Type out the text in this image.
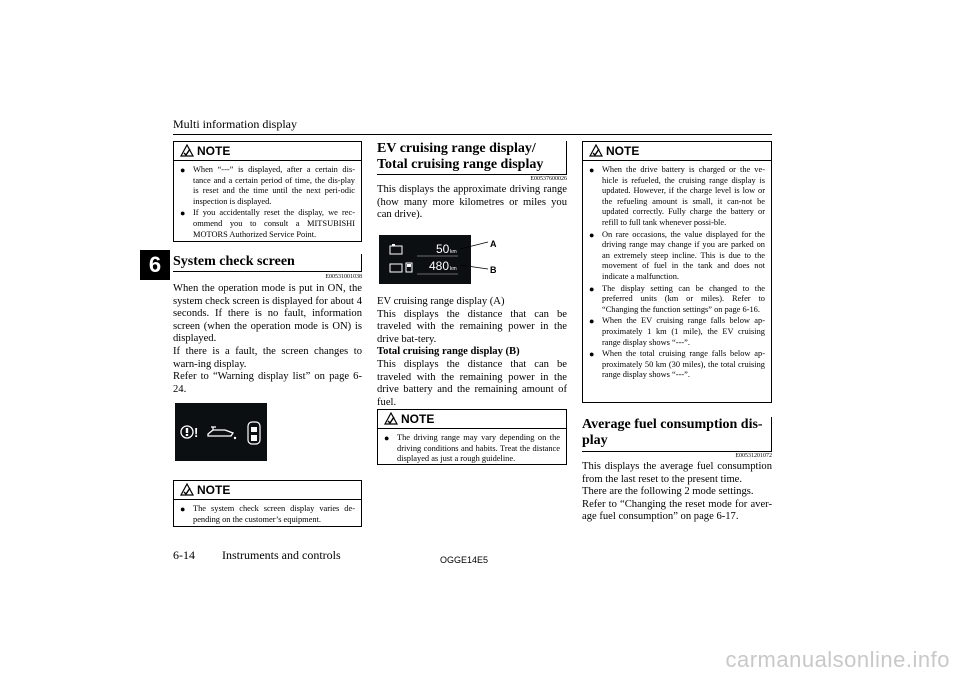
Multi information display
6
NOTE
● When “---” is displayed, after a certain dis-tance and a certain period of time, the dis-play is reset and the time until the next peri-odic inspection is displayed.
● If you accidentally reset the display, we rec-ommend you to consult a MITSUBISHI MOTORS Authorized Service Point.
System check screen
E00531001038

When the operation mode is put in ON, the system check screen is displayed for about 4 seconds. If there is no fault, information screen (when the operation mode is ON) is displayed.

If there is a fault, the screen changes to warn-ing display.

Refer to “Warning display list” on page 6-24.

!
NOTE
● The system check screen display varies de-pending on the customer’s equipment.
EV cruising range display/
Total cruising range display
E00537600026
This displays the approximate driving range (how many more kilometres or miles you can drive).
50 km
480 km
A
B

EV cruising range display (A)

This displays the distance that can be traveled with the remaining power in the drive bat-tery.

Total cruising range display (B)

This displays the distance that can be traveled with the remaining power in the drive battery and the remaining amount of fuel.

NOTE
● The driving range may vary depending on the driving conditions and habits. Treat the distance displayed as just a rough guideline.
NOTE
● When the drive battery is charged or the ve-hicle is refueled, the cruising range display is updated. However, if the charge level is low or the refueling amount is small, it can-not be updated correctly. Fully charge the battery or refill to full tank whenever possi-ble.
● On rare occasions, the value displayed for the driving range may change if you are parked on an extremely steep incline. This is due to the movement of fuel in the tank and does not indicate a malfunction.
● The display setting can be changed to the preferred units (km or miles). Refer to “Changing the function settings” on page 6-16.
● When the EV cruising range falls below ap-proximately 1 km (1 mile), the EV cruising range display shows “---”.
● When the total cruising range falls below ap-proximately 50 km (30 miles), the total cruising range display shows “---”.
Average fuel consumption dis-
play
E00531201072

This displays the average fuel consumption from the last reset to the present time.

There are the following 2 mode settings.

Refer to “Changing the reset mode for aver-age fuel consumption” on page 6-17.

6-14 Instruments and controls	OGGE14E5
carmanualsonline.info
